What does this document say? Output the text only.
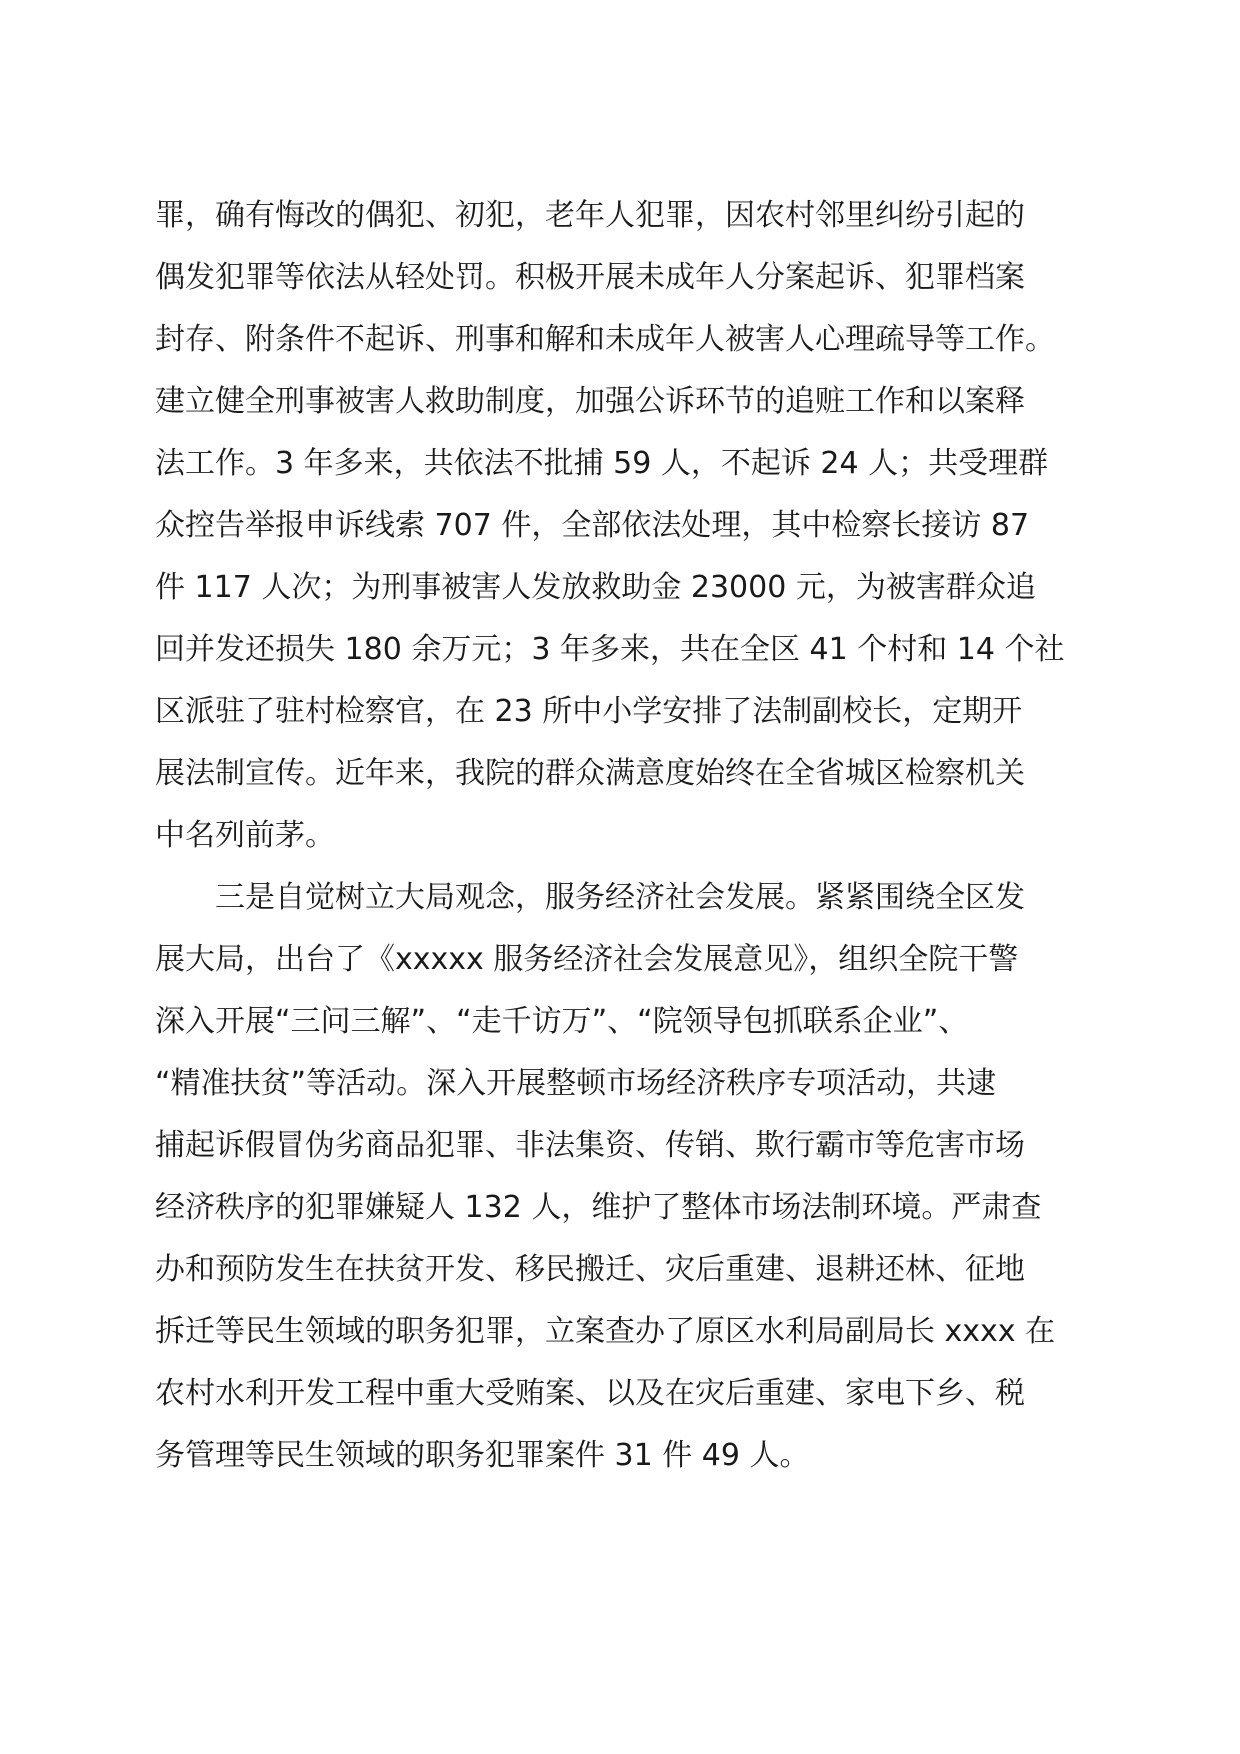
罪，确有悔改的偶犯、初犯，老年人犯罪，因农村邻里纠纷引起的
偶发犯罪等依法从轻处罚。积极开展未成年人分案起诉、犯罪档案
封存、附条件不起诉、刑事和解和未成年人被害人心理疏导等工作。
建立健全刑事被害人救助制度，加强公诉环节的追赃工作和以案释
法工作。3 年多来，共依法不批捕 59 人，不起诉 24 人；共受理群
众控告举报申诉线索 707 件，全部依法处理，其中检察长接访 87
件 117 人次；为刑事被害人发放救助金 23000 元，为被害群众追
回并发还损失 180 余万元；3 年多来，共在全区 41 个村和 14 个社
区派驻了驻村检察官，在 23 所中小学安排了法制副校长，定期开
展法制宣传。近年来，我院的群众满意度始终在全省城区检察机关
中名列前茅。
三是自觉树立大局观念，服务经济社会发展。紧紧围绕全区发
展大局，出台了《xxxxx 服务经济社会发展意见》，组织全院干警
深入开展“三问三解”、“走千访万”、“院领导包抓联系企业”、
“精准扶贫”等活动。深入开展整顿市场经济秩序专项活动，共逮
捕起诉假冒伪劣商品犯罪、非法集资、传销、欺行霸市等危害市场
经济秩序的犯罪嫌疑人 132 人，维护了整体市场法制环境。严肃查
办和预防发生在扶贫开发、移民搬迁、灾后重建、退耕还林、征地
拆迁等民生领域的职务犯罪，立案查办了原区水利局副局长 xxxx 在
农村水利开发工程中重大受贿案、以及在灾后重建、家电下乡、税
务管理等民生领域的职务犯罪案件 31 件 49 人。
